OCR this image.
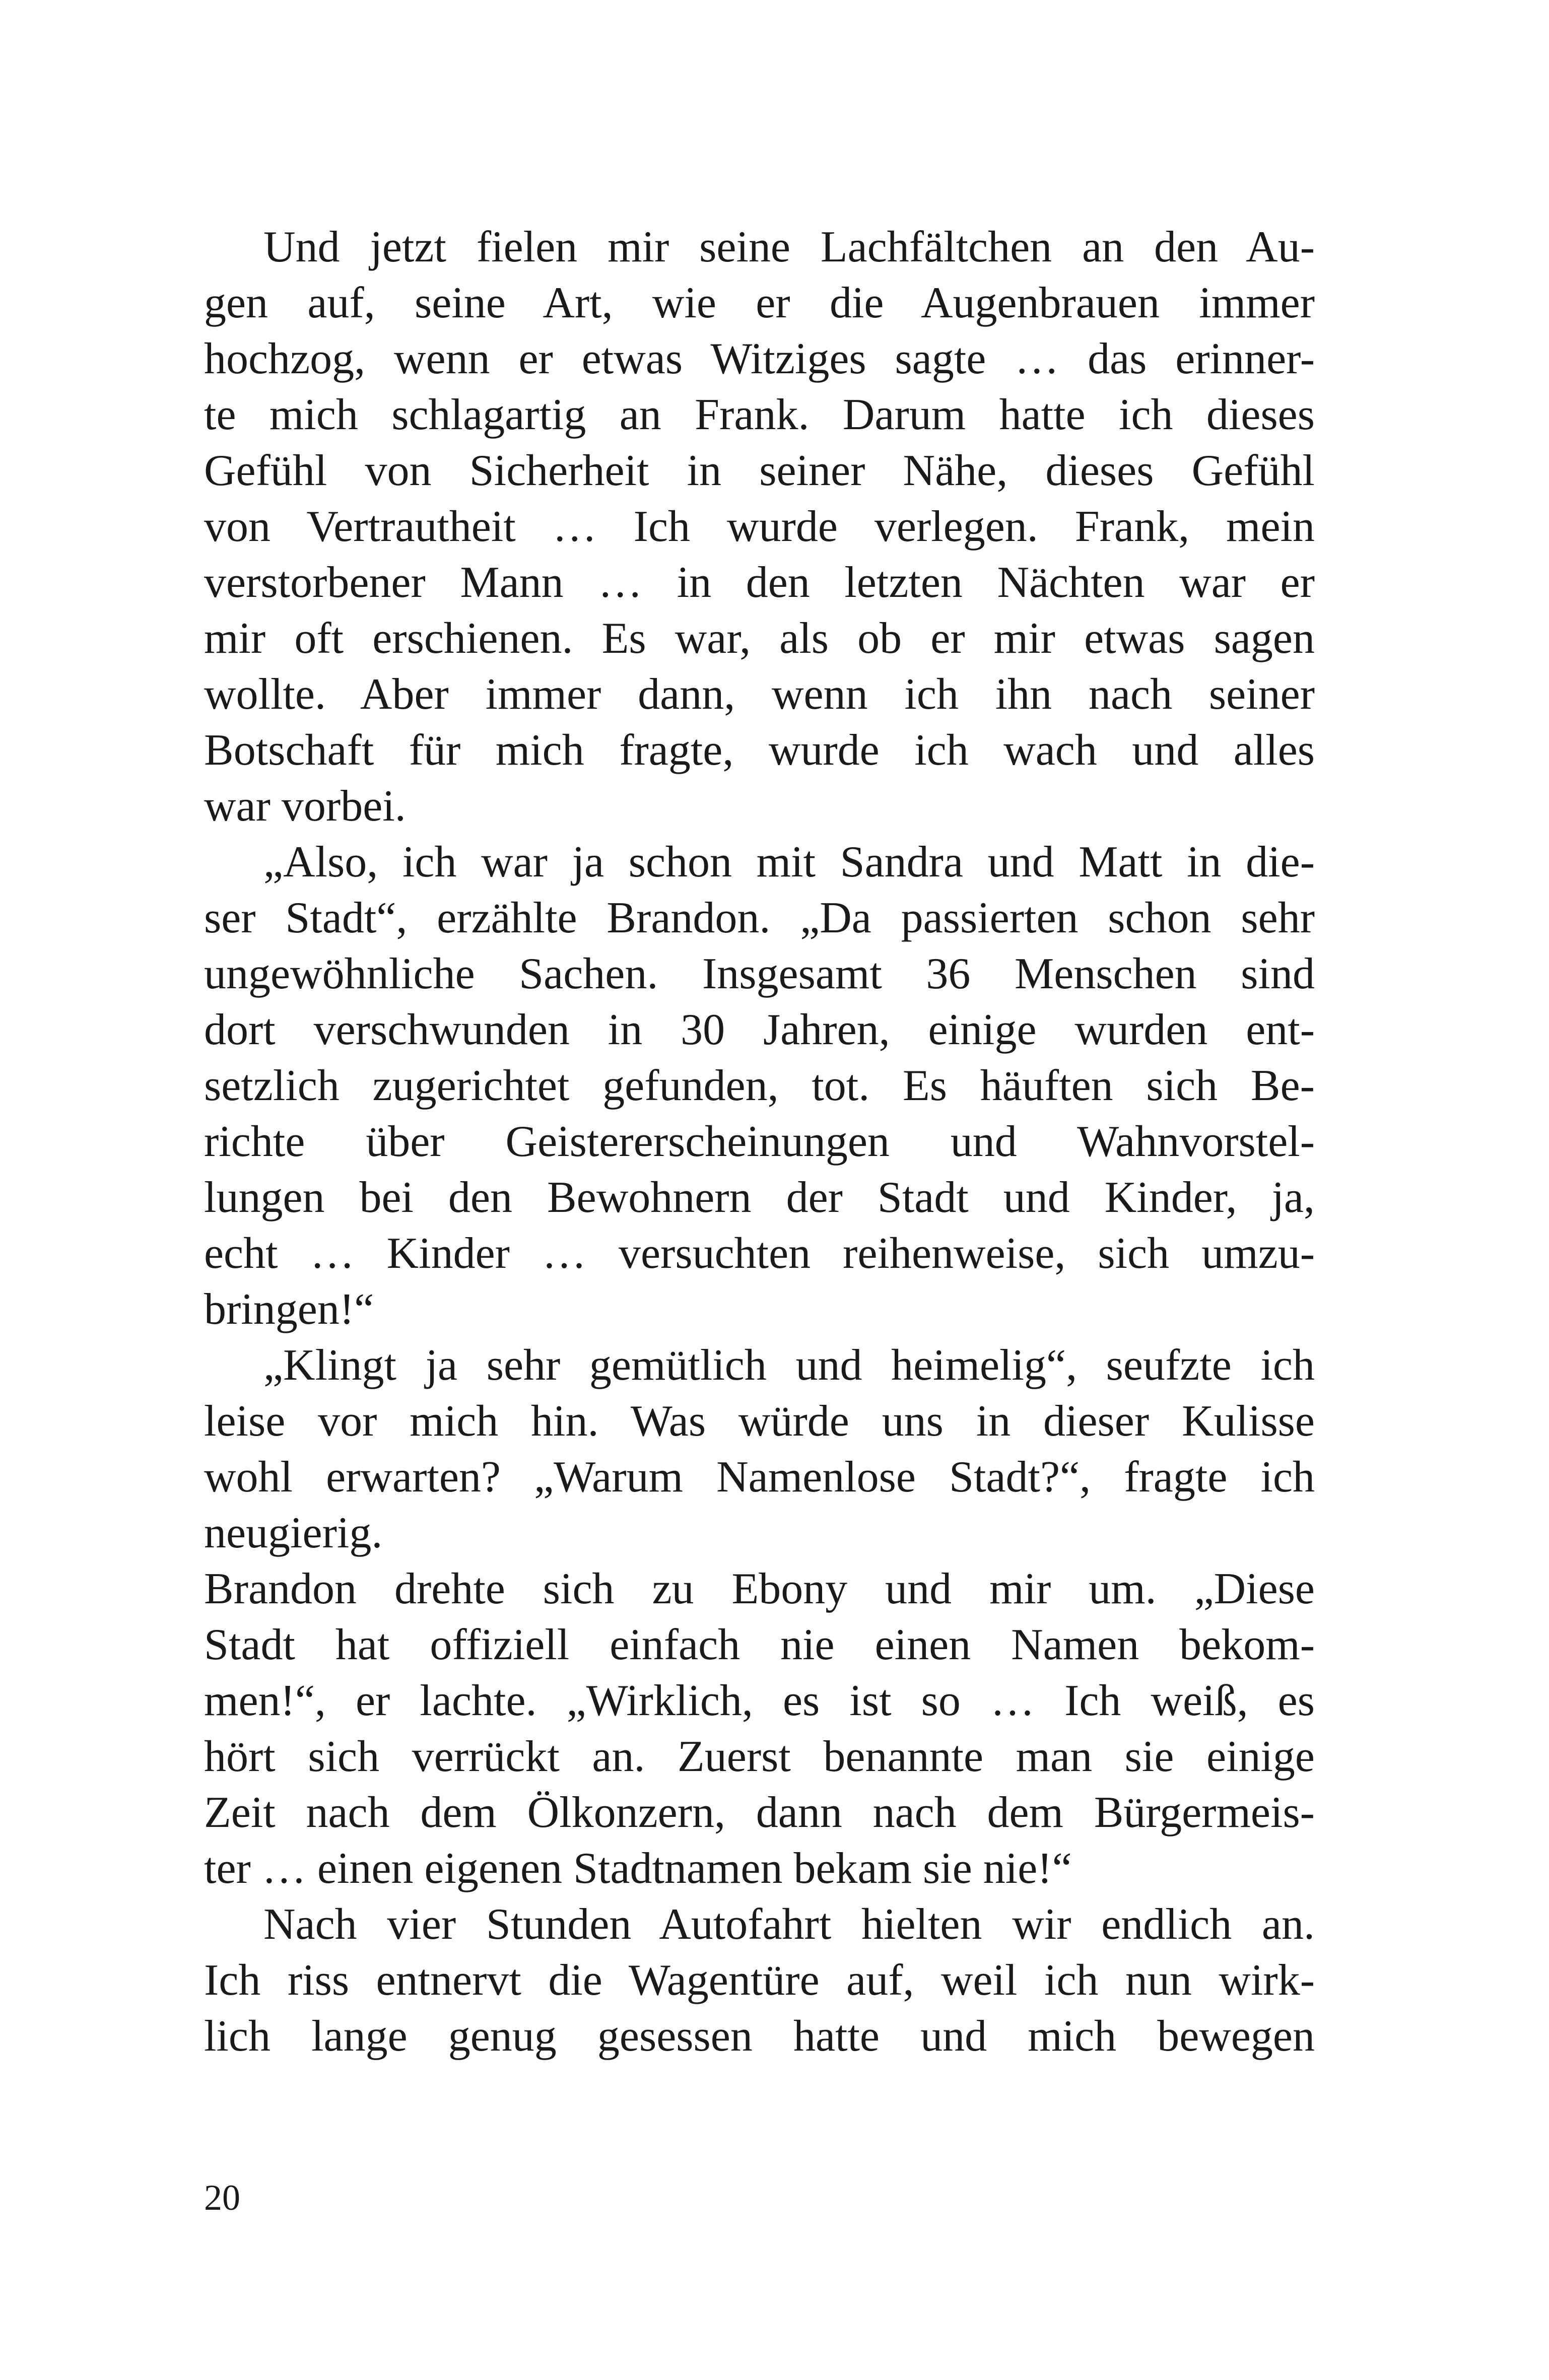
Und jetzt fielen mir seine Lachfältchen an den Au-
gen auf, seine Art, wie er die Augenbrauen immer
hochzog, wenn er etwas Witziges sagte … das erinner-
te mich schlagartig an Frank. Darum hatte ich dieses
Gefühl von Sicherheit in seiner Nähe, dieses Gefühl
von Vertrautheit … Ich wurde verlegen. Frank, mein
verstorbener Mann … in den letzten Nächten war er
mir oft erschienen. Es war, als ob er mir etwas sagen
wollte. Aber immer dann, wenn ich ihn nach seiner
Botschaft für mich fragte, wurde ich wach und alles
war vorbei.
„Also, ich war ja schon mit Sandra und Matt in die-
ser Stadt“, erzählte Brandon. „Da passierten schon sehr
ungewöhnliche Sachen. Insgesamt 36 Menschen sind
dort verschwunden in 30 Jahren, einige wurden ent-
setzlich zugerichtet gefunden, tot. Es häuften sich Be-
richte über Geistererscheinungen und Wahnvorstel-
lungen bei den Bewohnern der Stadt und Kinder, ja,
echt … Kinder … versuchten reihenweise, sich umzu-
bringen!“
„Klingt ja sehr gemütlich und heimelig“, seufzte ich
leise vor mich hin. Was würde uns in dieser Kulisse
wohl erwarten? „Warum Namenlose Stadt?“, fragte ich
neugierig.
Brandon drehte sich zu Ebony und mir um. „Diese
Stadt hat offiziell einfach nie einen Namen bekom-
men!“, er lachte. „Wirklich, es ist so … Ich weiß, es
hört sich verrückt an. Zuerst benannte man sie einige
Zeit nach dem Ölkonzern, dann nach dem Bürgermeis-
ter … einen eigenen Stadtnamen bekam sie nie!“
Nach vier Stunden Autofahrt hielten wir endlich an.
Ich riss entnervt die Wagentüre auf, weil ich nun wirk-
lich lange genug gesessen hatte und mich bewegen
20
